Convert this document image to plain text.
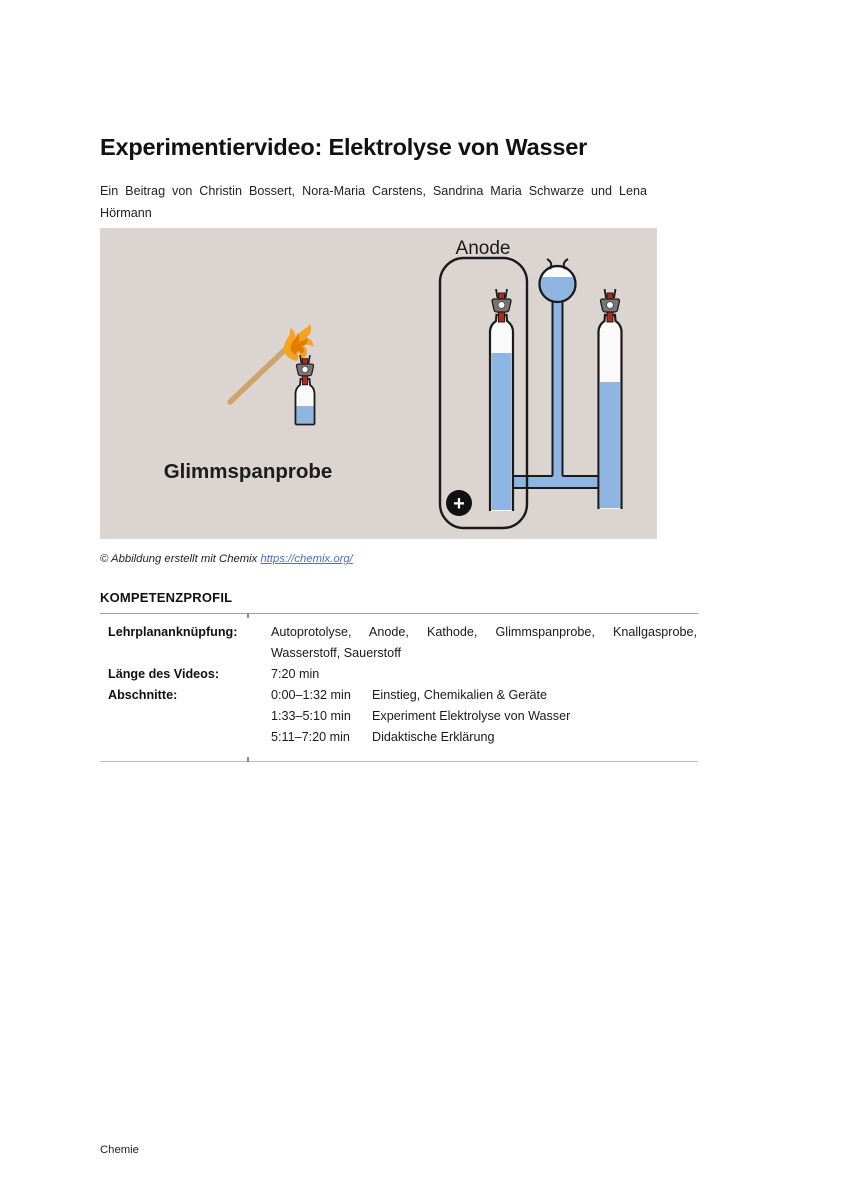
Experimentiervideo: Elektrolyse von Wasser

Ein Beitrag von Christin Bossert, Nora-Maria Carstens, Sandrina Maria Schwarze und Lena Hörmann

Glimmspanprobe
Anode
+

© Abbildung erstellt mit Chemix https://chemix.org/

KOMPETENZPROFIL
Lehrplananknüpfung:	Autoprotolyse, Anode, Kathode, Glimmspanprobe, Knallgasprobe, Wasserstoff, Sauerstoff
Länge des Videos:	7:20 min
Abschnitte:	0:00–1:32 min	Einstieg, Chemikalien & Geräte
1:33–5:10 min	Experiment Elektrolyse von Wasser
5:11–7:20 min	Didaktische Erklärung
Chemie
